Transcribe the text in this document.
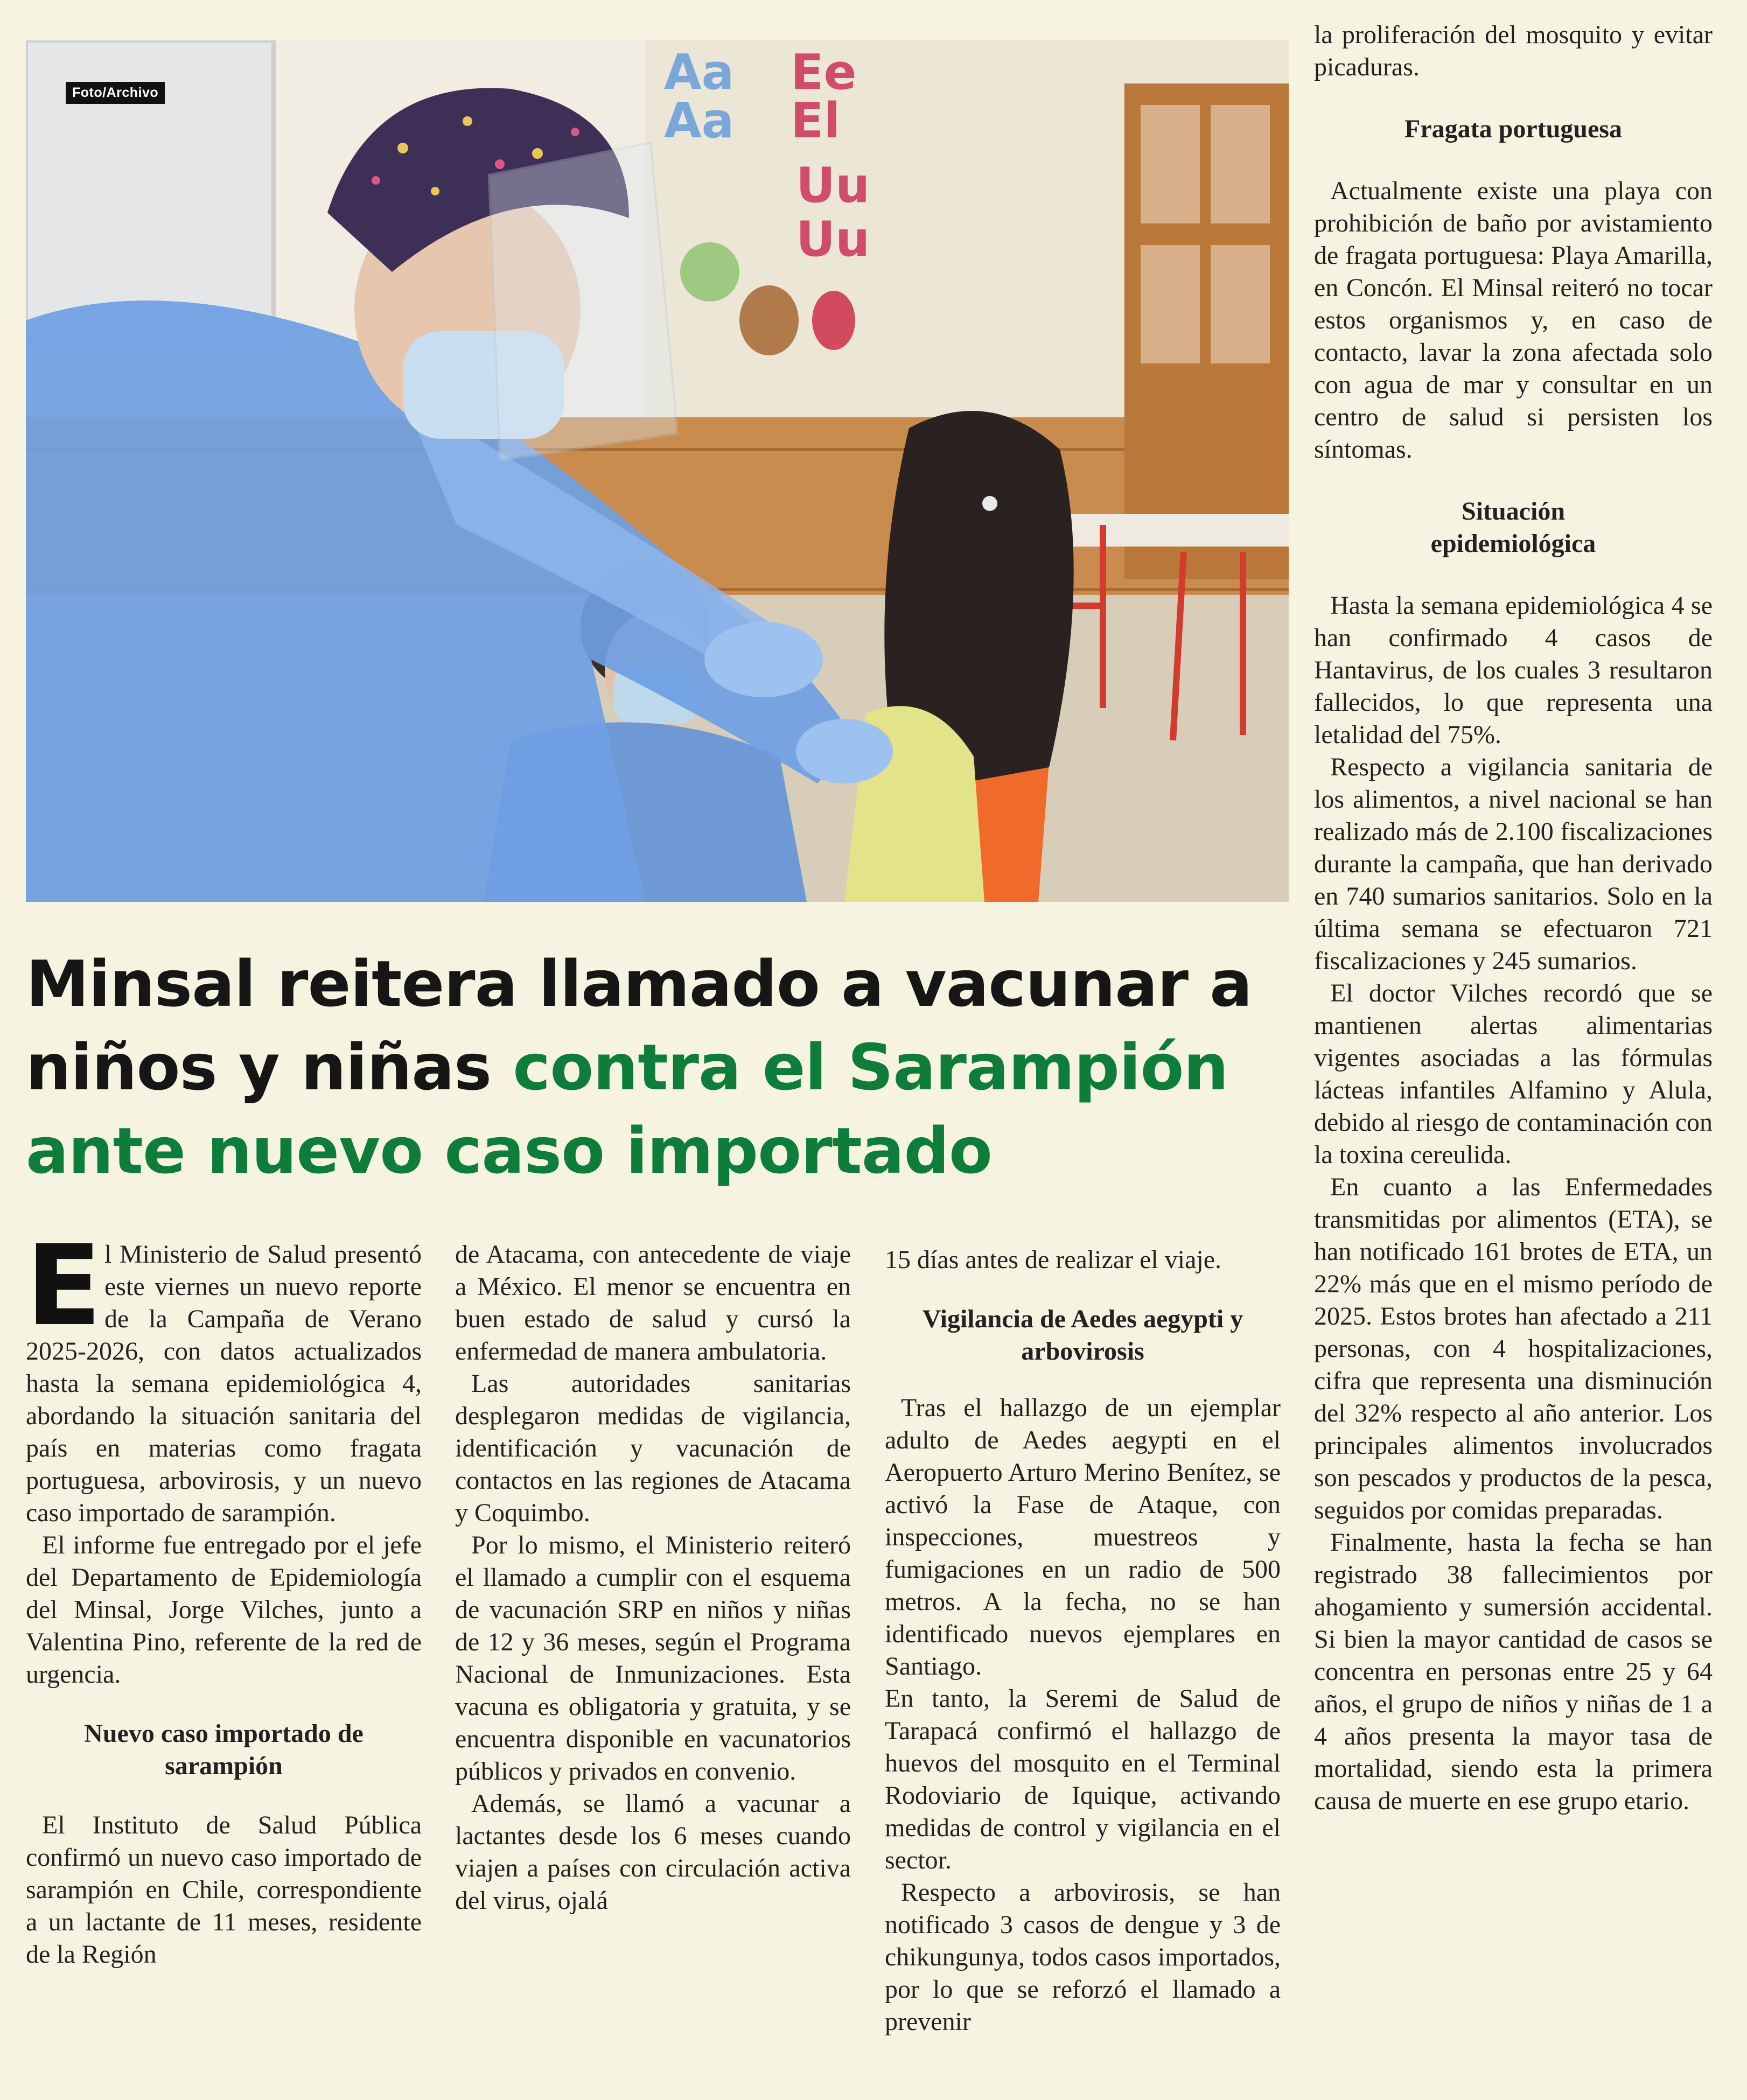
Aa
Aa
Ee
El
Uu
Uu
Foto/Archivo
Minsal reitera llamado a vacunar a
niños y niñas contra el Sarampión
ante nuevo caso importado
E l Ministerio de Salud presentó este viernes un nuevo reporte de la Campaña de Verano 2025-2026, con datos actualizados hasta la semana epidemiológica 4, abordando la situación sanitaria del país en materias como fragata portuguesa, arbovirosis, y un nuevo caso importado de sarampión.

El informe fue entregado por el jefe del Departamento de Epidemiología del Minsal, Jorge Vilches, junto a Valentina Pino, referente de la red de urgencia.

Nuevo caso importado de sarampión

El Instituto de Salud Pública confirmó un nuevo caso importado de sarampión en Chile, correspondiente a un lactante de 11 meses, residente de la Región

de Atacama, con antecedente de viaje a México. El menor se encuentra en buen estado de salud y cursó la enfermedad de manera ambulatoria.

Las autoridades sanitarias desplegaron medidas de vigilancia, identificación y vacunación de contactos en las regiones de Atacama y Coquimbo.

Por lo mismo, el Ministerio reiteró el llamado a cumplir con el esquema de vacunación SRP en niños y niñas de 12 y 36 meses, según el Programa Nacional de Inmunizaciones. Esta vacuna es obligatoria y gratuita, y se encuentra disponible en vacunatorios públicos y privados en convenio.

Además, se llamó a vacunar a lactantes desde los 6 meses cuando viajen a países con circulación activa del virus, ojalá

15 días antes de realizar el viaje.

Vigilancia de Aedes aegypti y arbovirosis

Tras el hallazgo de un ejemplar adulto de Aedes aegypti en el Aeropuerto Arturo Merino Benítez, se activó la Fase de Ataque, con inspecciones, muestreos y fumigaciones en un radio de 500 metros. A la fecha, no se han identificado nuevos ejemplares en Santiago.

En tanto, la Seremi de Salud de Tarapacá confirmó el hallazgo de huevos del mosquito en el Terminal Rodoviario de Iquique, activando medidas de control y vigilancia en el sector.

Respecto a arbovirosis, se han notificado 3 casos de dengue y 3 de chikungunya, todos casos importados, por lo que se reforzó el llamado a prevenir

la proliferación del mosquito y evitar picaduras.

Fragata portuguesa

Actualmente existe una playa con prohibición de baño por avistamiento de fragata portuguesa: Playa Amarilla, en Concón. El Minsal reiteró no tocar estos organismos y, en caso de contacto, lavar la zona afectada solo con agua de mar y consultar en un centro de salud si persisten los síntomas.

Situación epidemiológica

Hasta la semana epidemiológica 4 se han confirmado 4 casos de Hantavirus, de los cuales 3 resultaron fallecidos, lo que representa una letalidad del 75%.

Respecto a vigilancia sanitaria de los alimentos, a nivel nacional se han realizado más de 2.100 fiscalizaciones durante la campaña, que han derivado en 740 sumarios sanitarios. Solo en la última semana se efectuaron 721 fiscalizaciones y 245 sumarios.

El doctor Vilches recordó que se mantienen alertas alimentarias vigentes asociadas a las fórmulas lácteas infantiles Alfamino y Alula, debido al riesgo de contaminación con la toxina cereulida.

En cuanto a las Enfermedades transmitidas por alimentos (ETA), se han notificado 161 brotes de ETA, un 22% más que en el mismo período de 2025. Estos brotes han afectado a 211 personas, con 4 hospitalizaciones, cifra que representa una disminución del 32% respecto al año anterior. Los principales alimentos involucrados son pescados y productos de la pesca, seguidos por comidas preparadas.

Finalmente, hasta la fecha se han registrado 38 fallecimientos por ahogamiento y sumersión accidental. Si bien la mayor cantidad de casos se concentra en personas entre 25 y 64 años, el grupo de niños y niñas de 1 a 4 años presenta la mayor tasa de mortalidad, siendo esta la primera causa de muerte en ese grupo etario.
